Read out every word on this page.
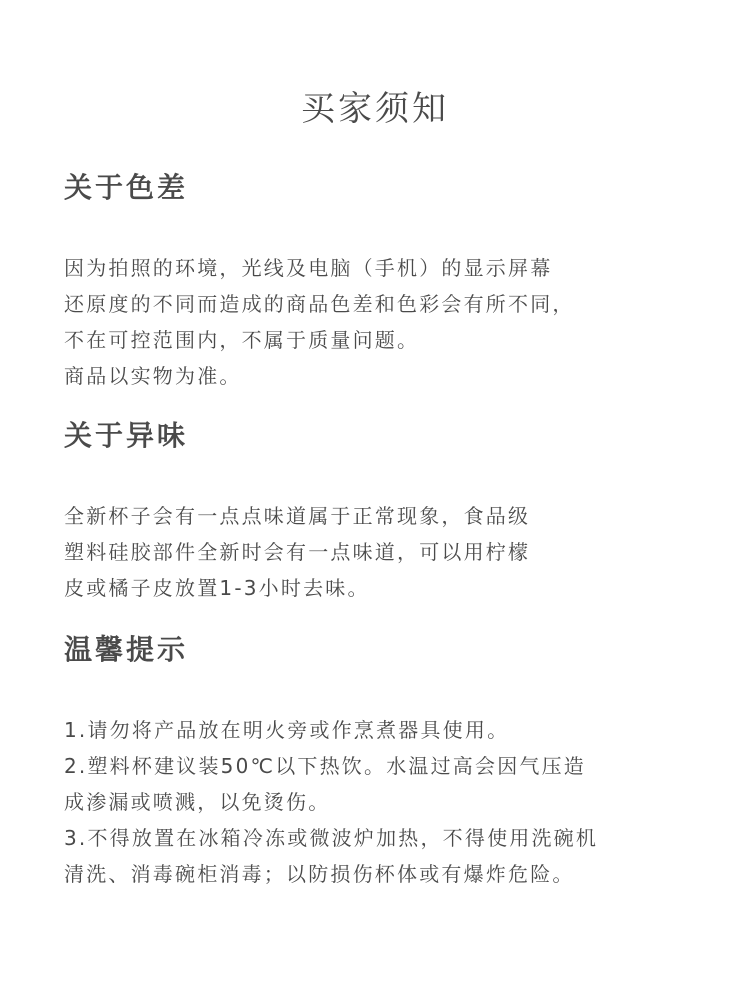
买家须知
关于色差
因为拍照的环境，光线及电脑（手机）的显示屏幕
还原度的不同而造成的商品色差和色彩会有所不同，
不在可控范围内，不属于质量问题。
商品以实物为准。
关于异味
全新杯子会有一点点味道属于正常现象，食品级
塑料硅胶部件全新时会有一点味道，可以用柠檬
皮或橘子皮放置1-3小时去味。
温馨提示
1.请勿将产品放在明火旁或作烹煮器具使用。
2.塑料杯建议装50℃以下热饮。水温过高会因气压造
成渗漏或喷溅，以免烫伤。
3.不得放置在冰箱冷冻或微波炉加热，不得使用洗碗机
清洗、消毒碗柜消毒；以防损伤杯体或有爆炸危险。
